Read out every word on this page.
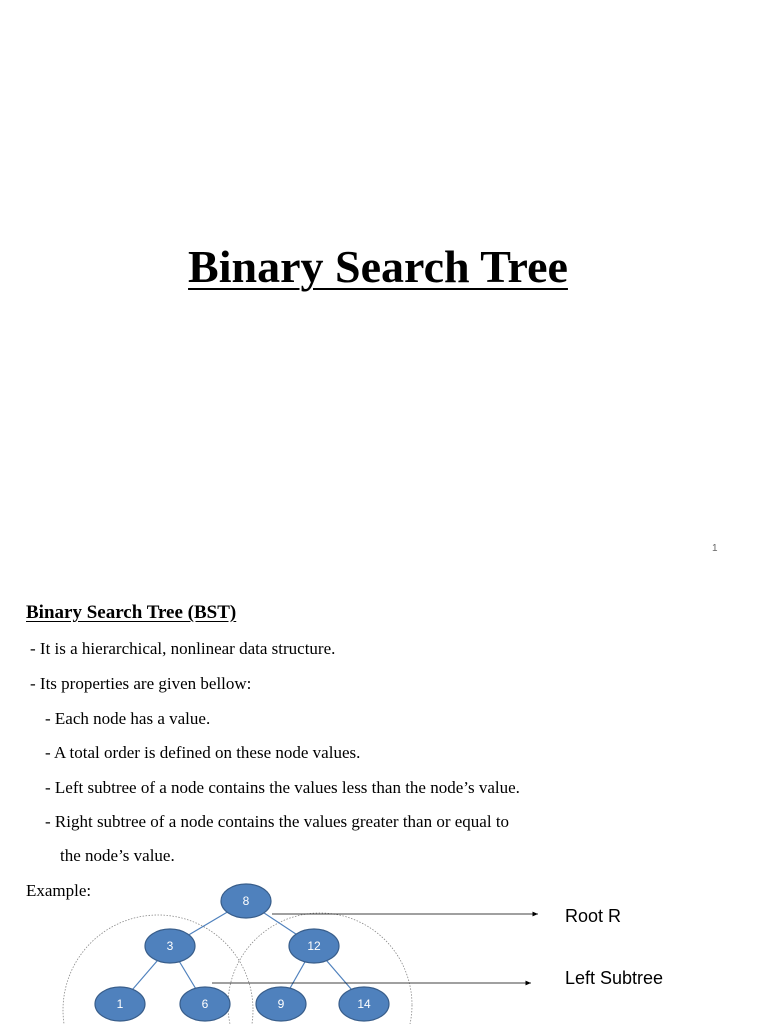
Binary Search Tree
1
Binary Search Tree (BST)
- It is a hierarchical, nonlinear data structure.
- Its properties are given bellow:
- Each node has a value.
- A total order is defined on these node values.
- Left subtree of a node contains the values less than the node’s value.
- Right subtree of a node contains the values greater than or equal to
the node’s value.
Example:
8
3	12
1	6	9	14
Root R
Left Subtree
